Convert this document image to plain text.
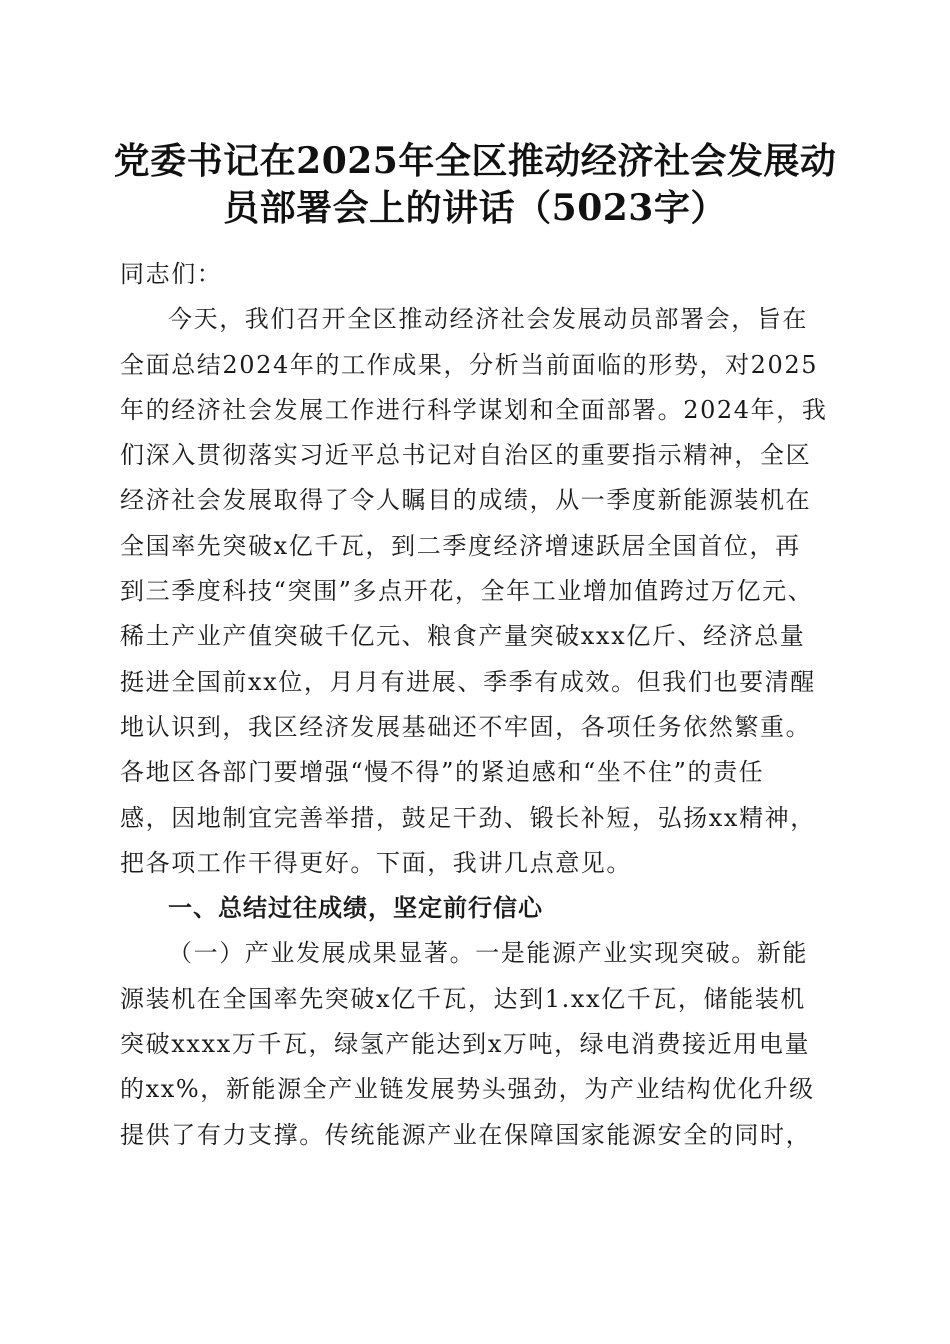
党委书记在2025年全区推动经济社会发展动
员部署会上的讲话（5023字）
同志们：
今天，我们召开全区推动经济社会发展动员部署会，旨在
全面总结2024年的工作成果，分析当前面临的形势，对2025
年的经济社会发展工作进行科学谋划和全面部署。2024年，我
们深入贯彻落实习近平总书记对自治区的重要指示精神，全区
经济社会发展取得了令人瞩目的成绩，从一季度新能源装机在
全国率先突破x亿千瓦，到二季度经济增速跃居全国首位，再
到三季度科技“突围”多点开花，全年工业增加值跨过万亿元、
稀土产业产值突破千亿元、粮食产量突破xxx亿斤、经济总量
挺进全国前xx位，月月有进展、季季有成效。但我们也要清醒
地认识到，我区经济发展基础还不牢固，各项任务依然繁重。
各地区各部门要增强“慢不得”的紧迫感和“坐不住”的责任
感，因地制宜完善举措，鼓足干劲、锻长补短，弘扬xx精神，
把各项工作干得更好。下面，我讲几点意见。
一、总结过往成绩，坚定前行信心
（一）产业发展成果显著。一是能源产业实现突破。新能
源装机在全国率先突破x亿千瓦，达到1.xx亿千瓦，储能装机
突破xxxx万千瓦，绿氢产能达到x万吨，绿电消费接近用电量
的xx%，新能源全产业链发展势头强劲，为产业结构优化升级
提供了有力支撑。传统能源产业在保障国家能源安全的同时，
